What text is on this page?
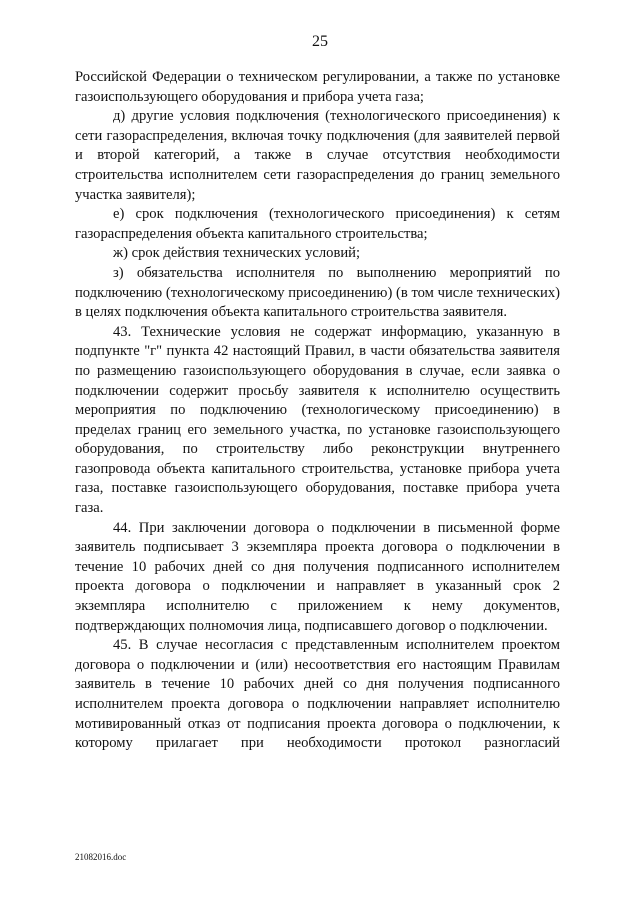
25

Российской Федерации о техническом регулировании, а также по установке газоиспользующего оборудования и прибора учета газа;

д) другие условия подключения (технологического присоединения) к сети газораспределения, включая точку подключения (для заявителей первой и второй категорий, а также в случае отсутствия необходимости строительства исполнителем сети газораспределения до границ земельного участка заявителя);

е) срок подключения (технологического присоединения) к сетям газораспределения объекта капитального строительства;

ж) срок действия технических условий;

з) обязательства исполнителя по выполнению мероприятий по подключению (технологическому присоединению) (в том числе технических) в целях подключения объекта капитального строительства заявителя.

43. Технические условия не содержат информацию, указанную в подпункте "г" пункта 42 настоящий Правил, в части обязательства заявителя по размещению газоиспользующего оборудования в случае, если заявка о подключении содержит просьбу заявителя к исполнителю осуществить мероприятия по подключению (технологическому присоединению) в пределах границ его земельного участка, по установке газоиспользующего оборудования, по строительству либо реконструкции внутреннего газопровода объекта капитального строительства, установке прибора учета газа, поставке газоиспользующего оборудования, поставке прибора учета газа.

44. При заключении договора о подключении в письменной форме заявитель подписывает 3 экземпляра проекта договора о подключении в течение 10 рабочих дней со дня получения подписанного исполнителем проекта договора о подключении и направляет в указанный срок 2 экземпляра исполнителю с приложением к нему документов, подтверждающих полномочия лица, подписавшего договор о подключении.

45. В случае несогласия с представленным исполнителем проектом договора о подключении и (или) несоответствия его настоящим Правилам заявитель в течение 10 рабочих дней со дня получения подписанного исполнителем проекта договора о подключении направляет исполнителю мотивированный отказ от подписания проекта договора о подключении, к которому прилагает при необходимости протокол разногласий

21082016.doc
